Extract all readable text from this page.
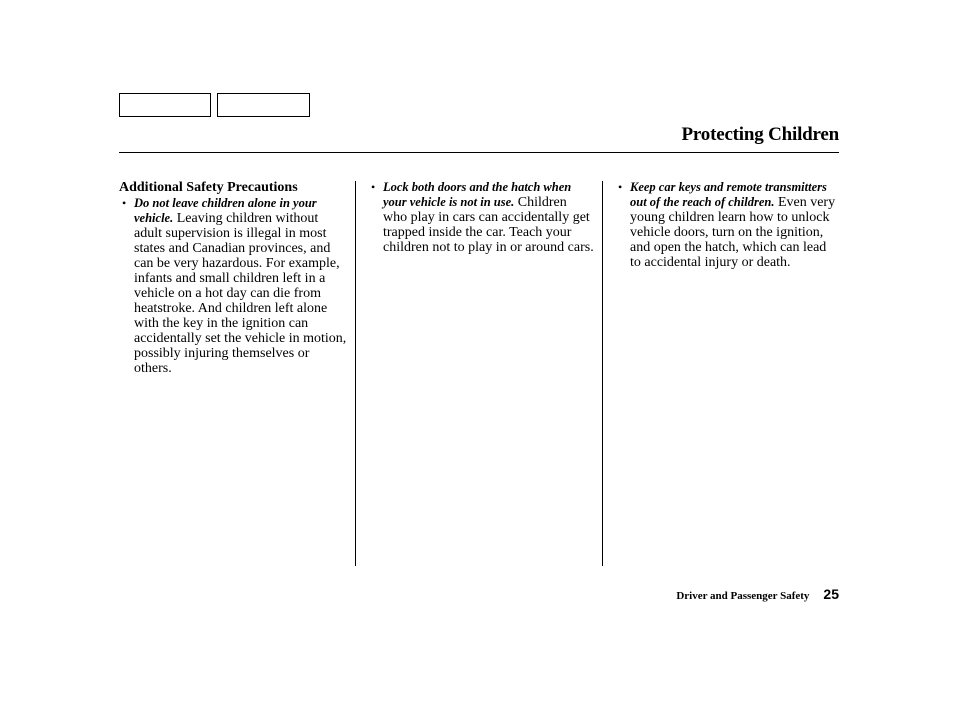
Protecting Children
Additional Safety Precautions
• Do not leave children alone in your vehicle. Leaving children without adult supervision is illegal in most states and Canadian provinces, and can be very hazardous. For example, infants and small children left in a vehicle on a hot day can die from heatstroke. And children left alone with the key in the ignition can accidentally set the vehicle in motion, possibly injuring themselves or others.
• Lock both doors and the hatch when your vehicle is not in use. Children who play in cars can accidentally get trapped inside the car. Teach your children not to play in or around cars.
• Keep car keys and remote transmitters out of the reach of children. Even very young children learn how to unlock vehicle doors, turn on the ignition, and open the hatch, which can lead to accidental injury or death.
Driver and Passenger Safety 25
